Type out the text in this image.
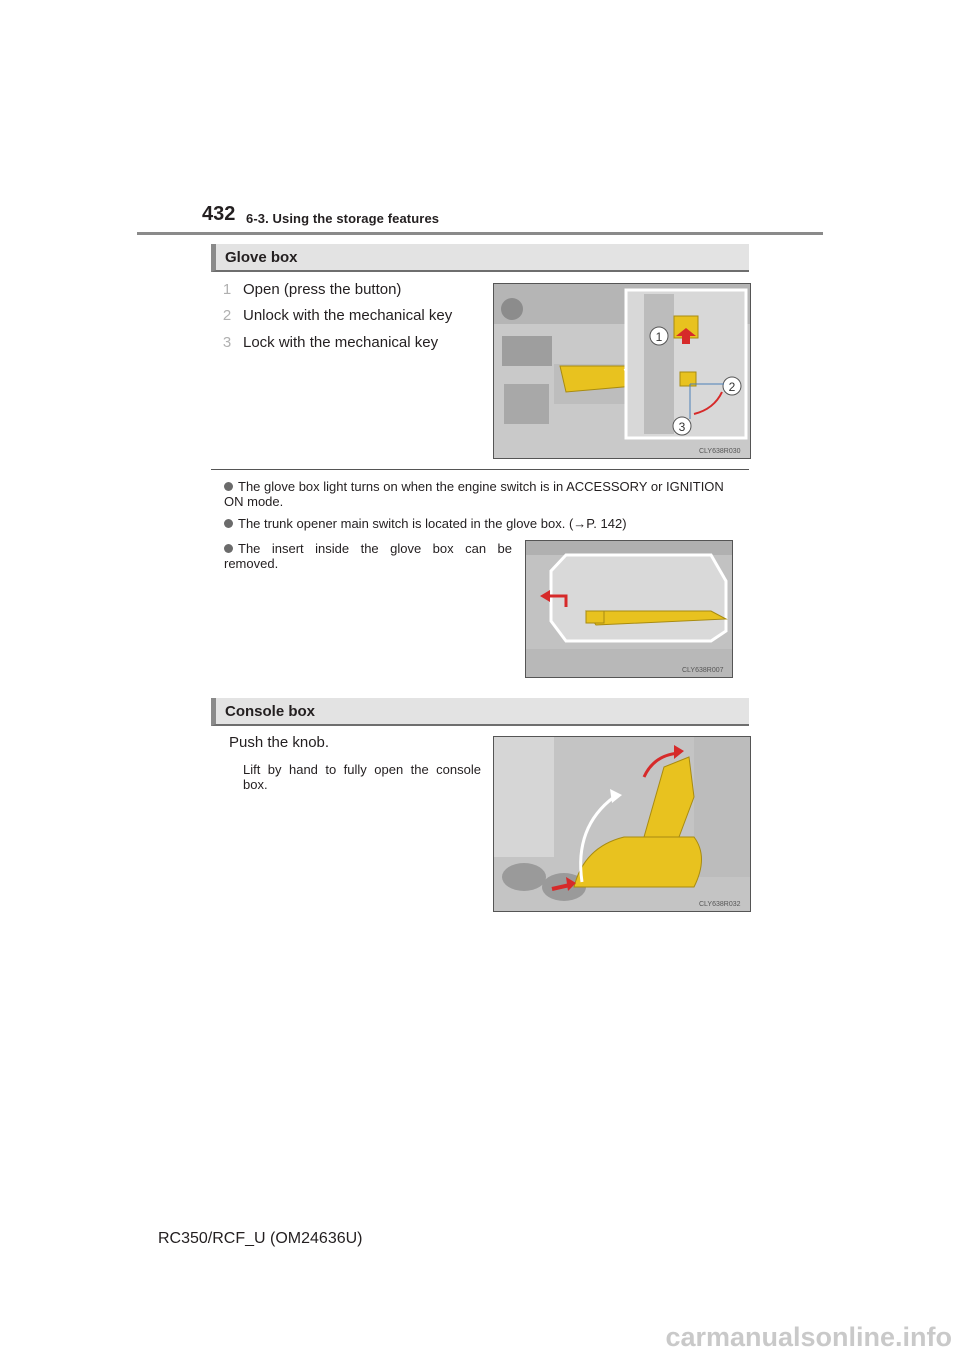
432 6-3. Using the storage features
Glove box
1 Open (press the button)
2 Unlock with the mechanical key
3 Lock with the mechanical key	1
2
3
CLY638R030
The glove box light turns on when the engine switch is in ACCESSORY or IGNITION ON mode.
The trunk opener main switch is located in the glove box. (→P. 142)
The insert inside the glove box can be removed.
CLY638R007
Console box
Push the knob.
Lift by hand to fully open the console box.
CLY638R032
RC350/RCF_U (OM24636U)
carmanualsonline.info
